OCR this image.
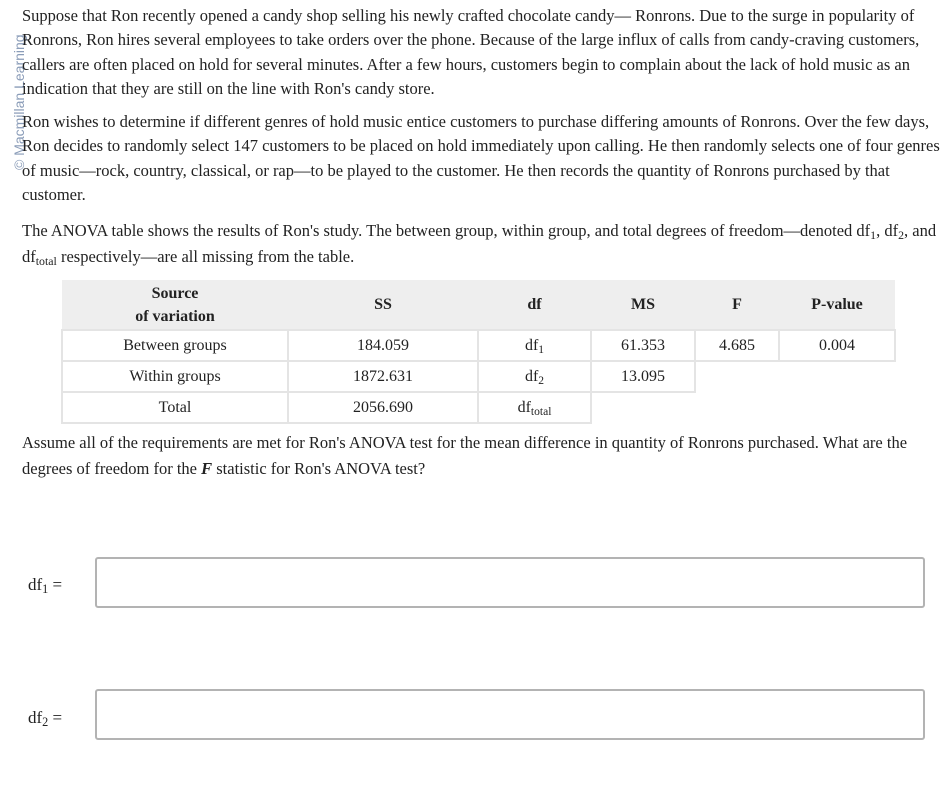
© Macmillan Learning

Suppose that Ron recently opened a candy shop selling his newly crafted chocolate candy— Ronrons. Due to the surge in popularity of Ronrons, Ron hires several employees to take orders over the phone. Because of the large influx of calls from candy-craving customers, callers are often placed on hold for several minutes. After a few hours, customers begin to complain about the lack of hold music as an indication that they are still on the line with Ron's candy store.

Ron wishes to determine if different genres of hold music entice customers to purchase differing amounts of Ronrons. Over the few days, Ron decides to randomly select 147 customers to be placed on hold immediately upon calling. He then randomly selects one of four genres of music—rock, country, classical, or rap—to be played to the customer. He then records the quantity of Ronrons purchased by that customer.

The ANOVA table shows the results of Ron's study. The between group, within group, and total degrees of freedom—denoted $df_1$, $df_2$, and $df_{total}$ respectively—are all missing from the table.

Source
of variation	SS	df	MS	F	P-value
Between groups	184.059	$df_1$	61.353	4.685	0.004
Within groups	1872.631	$df_2$	13.095		
Total	2056.690	$df_{total}$			

Assume all of the requirements are met for Ron's ANOVA test for the mean difference in quantity of Ronrons purchased. What are the degrees of freedom for the F statistic for Ron's ANOVA test?

$df_1$ =
$df_2$ =
